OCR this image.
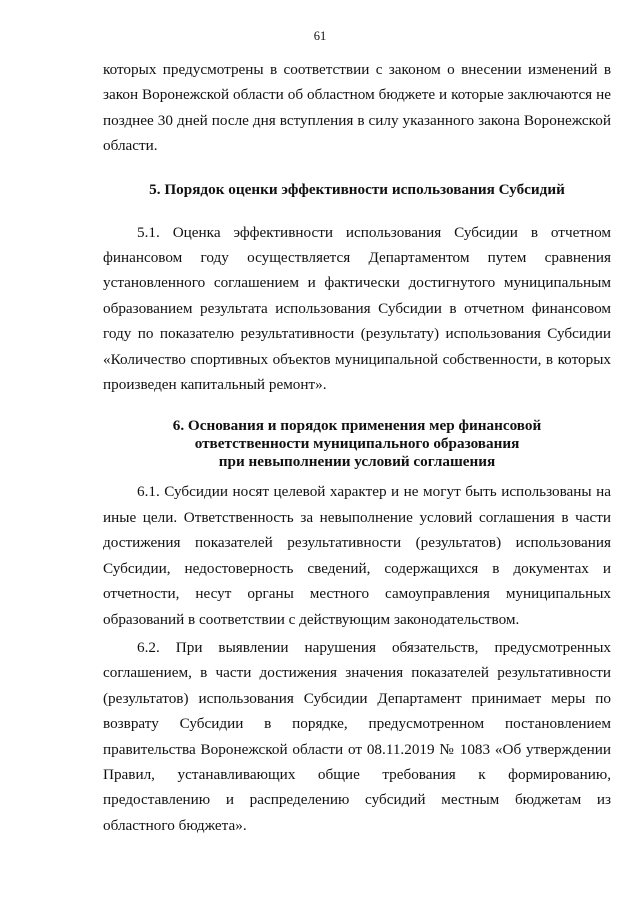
61

которых предусмотрены в соответствии с законом о внесении изменений в закон Воронежской области об областном бюджете и которые заключаются не позднее 30 дней после дня вступления в силу указанного закона Воронежской области.

5. Порядок оценки эффективности использования Субсидий

5.1. Оценка эффективности использования Субсидии в отчетном финансовом году осуществляется Департаментом путем сравнения установленного соглашением и фактически достигнутого муниципальным образованием результата использования Субсидии в отчетном финансовом году по показателю результативности (результату) использования Субсидии «Количество спортивных объектов муниципальной собственности, в которых произведен капитальный ремонт».

6. Основания и порядок применения мер финансовой
ответственности муниципального образования
при невыполнении условий соглашения

6.1. Субсидии носят целевой характер и не могут быть использованы на иные цели. Ответственность за невыполнение условий соглашения в части достижения показателей результативности (результатов) использования Субсидии, недостоверность сведений, содержащихся в документах и отчетности, несут органы местного самоуправления муниципальных образований в соответствии с действующим законодательством.

6.2. При выявлении нарушения обязательств, предусмотренных соглашением, в части достижения значения показателей результативности (результатов) использования Субсидии Департамент принимает меры по возврату Субсидии в порядке, предусмотренном постановлением правительства Воронежской области от 08.11.2019 № 1083 «Об утверждении Правил, устанавливающих общие требования к формированию, предоставлению и распределению субсидий местным бюджетам из областного бюджета».
